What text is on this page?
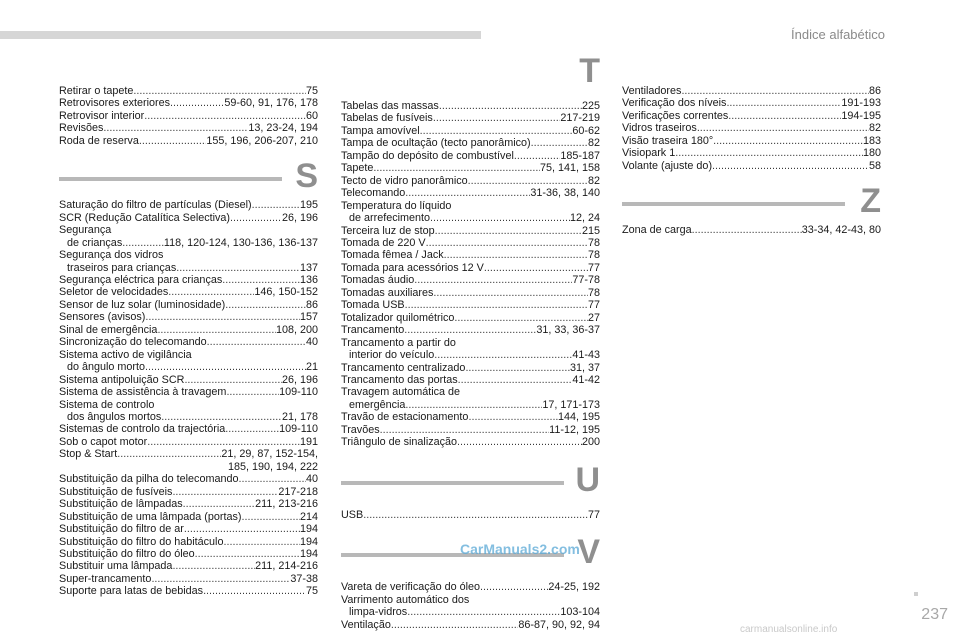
Índice alfabético
Retirar o tapete . . .	75
Retrovisores exteriores . . .	59-60, 91, 176, 178
Retrovisor interior . . .	60
Revisões . . .	13, 23-24, 194
Roda de reserva . . .	155, 196, 206-207, 210
S
Saturação do filtro de partículas (Diesel) . . .	195
SCR (Redução Catalítica Selectiva) . . .	26, 196
Segurança
de crianças . . .	118, 120-124, 130-136, 136-137
Segurança dos vidros
traseiros para crianças . . .	137
Segurança eléctrica para crianças . . .	136
Seletor de velocidades . . .	146, 150-152
Sensor de luz solar (luminosidade) . . .	86
Sensores (avisos) . . .	157
Sinal de emergência . . .	108, 200
Sincronização do telecomando . . .	40
Sistema activo de vigilância
do ângulo morto . . .	21
Sistema antipoluição SCR . . .	26, 196
Sistema de assistência à travagem . . .	109-110
Sistema de controlo
dos ângulos mortos . . .	21, 178
Sistemas de controlo da trajectória . . .	109-110
Sob o capot motor . . .	191
Stop & Start . . .	21, 29, 87, 152-154,
185, 190, 194, 222
Substituição da pilha do telecomando . . .	40
Substituição de fusíveis . . .	217-218
Substituição de lâmpadas . . .	211, 213-216
Substituição de uma lâmpada (portas) . . .	214
Substituição do filtro de ar . . .	194
Substituição do filtro do habitáculo . . .	194
Substituição do filtro do óleo . . .	194
Substituir uma lâmpada . . .	211, 214-216
Super-trancamento . . .	37-38
Suporte para latas de bebidas . . .	75
T
Tabelas das massas . . .	225
Tabelas de fusíveis . . .	217-219
Tampa amovível . . .	60-62
Tampa de ocultação (tecto panorâmico) . . .	82
Tampão do depósito de combustível . . .	185-187
Tapete . . .	75, 141, 158
Tecto de vidro panorâmico . . .	82
Telecomando . . .	31-36, 38, 140
Temperatura do líquido
de arrefecimento . . .	12, 24
Terceira luz de stop . . .	215
Tomada de 220 V . . .	78
Tomada fêmea / Jack . . .	78
Tomada para acessórios 12 V . . .	77
Tomadas áudio . . .	77-78
Tomadas auxiliares . . .	78
Tomada USB . . .	77
Totalizador quilométrico . . .	27
Trancamento . . .	31, 33, 36-37
Trancamento a partir do
interior do veículo . . .	41-43
Trancamento centralizado . . .	31, 37
Trancamento das portas . . .	41-42
Travagem automática de
emergência . . .	17, 171-173
Travão de estacionamento . . .	144, 195
Travões . . .	11-12, 195
Triângulo de sinalização . . .	200
U
USB . . .	77
V
Vareta de verificação do óleo . . .	24-25, 192
Varrimento automático dos
limpa-vidros . . .	103-104
Ventilação . . .	86-87, 90, 92, 94
Ventiladores . . .	86
Verificação dos níveis . . .	191-193
Verificações correntes . . .	194-195
Vidros traseiros . . .	82
Visão traseira 180° . . .	183
Visiopark 1 . . .	180
Volante (ajuste do) . . .	58
Z
Zona de carga . . .	33-34, 42-43, 80
CarManuals2.com
237
carmanualsonline.info
